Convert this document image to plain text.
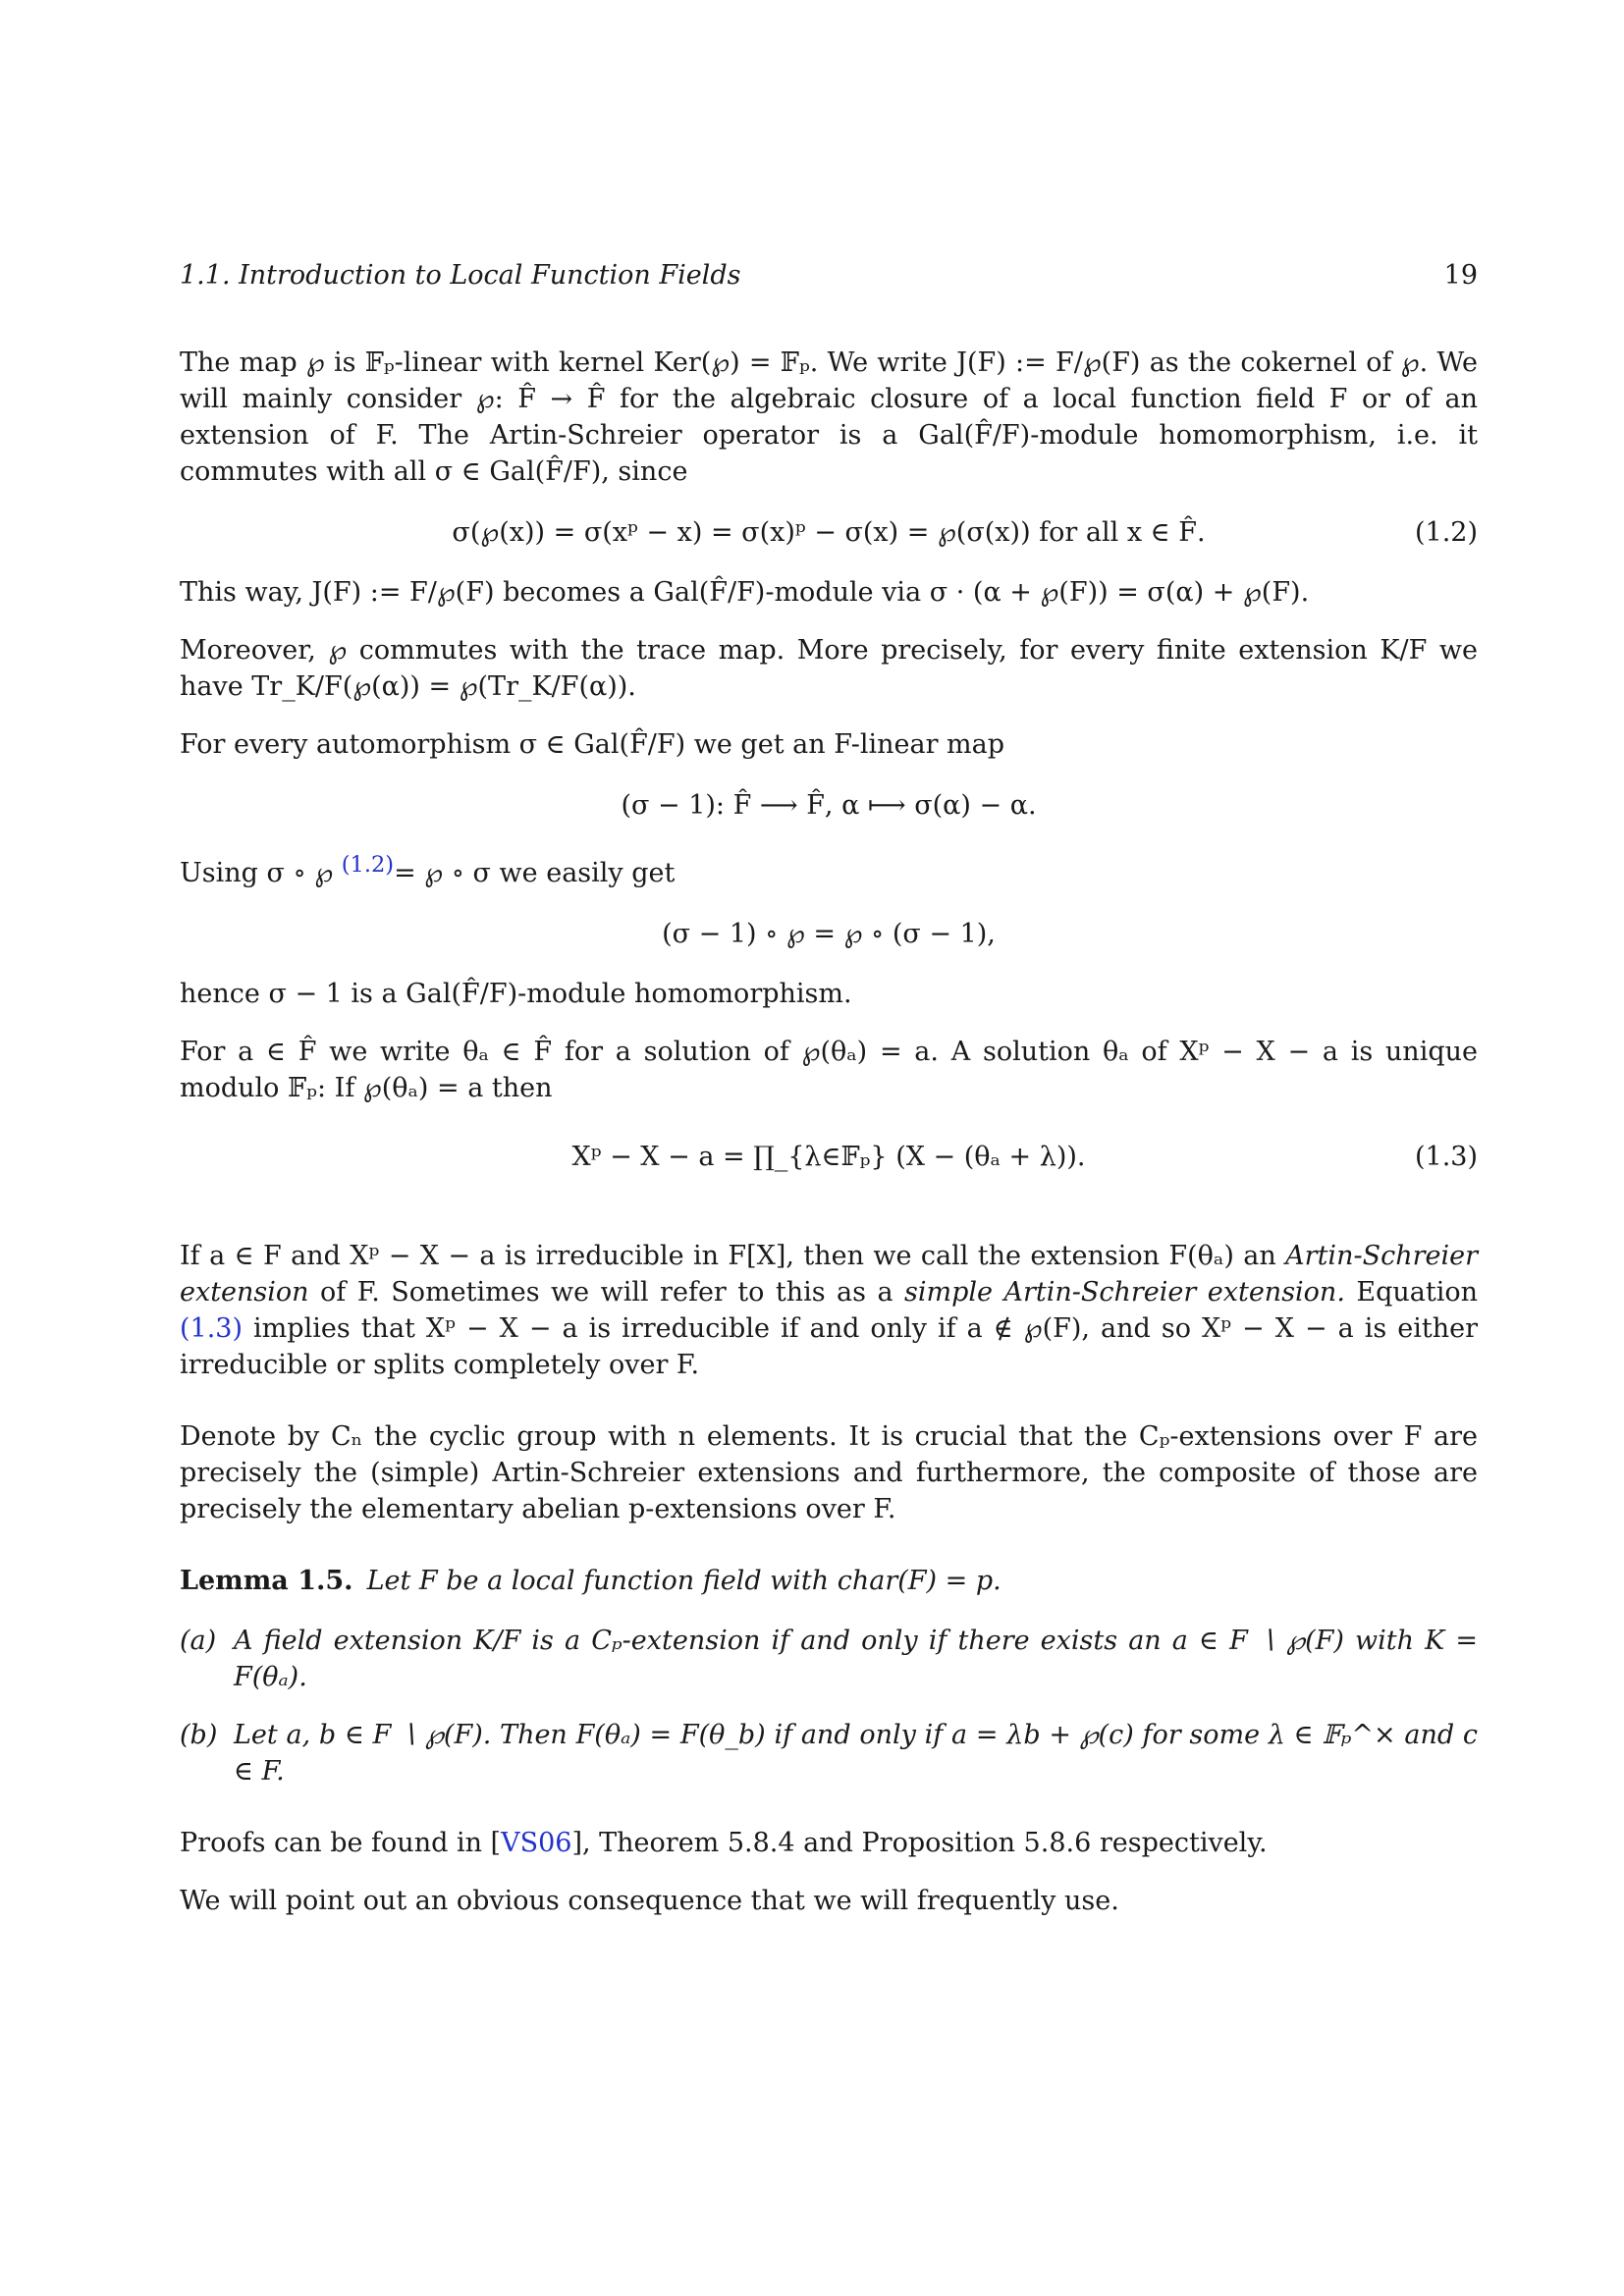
1.1. Introduction to Local Function Fields	19

The map ℘ is 𝔽ₚ-linear with kernel Ker(℘) = 𝔽ₚ. We write J(F) := F/℘(F) as the cokernel of ℘. We will mainly consider ℘: F̂ → F̂ for the algebraic closure of a local function field F or of an extension of F. The Artin-Schreier operator is a Gal(F̂/F)-module homomorphism, i.e. it commutes with all σ ∈ Gal(F̂/F), since

σ(℘(x)) = σ(xᵖ − x) = σ(x)ᵖ − σ(x) = ℘(σ(x)) for all x ∈ F̂.	(1.2)

This way, J(F) := F/℘(F) becomes a Gal(F̂/F)-module via σ · (α + ℘(F)) = σ(α) + ℘(F).

Moreover, ℘ commutes with the trace map. More precisely, for every finite extension K/F we have Tr_K/F(℘(α)) = ℘(Tr_K/F(α)).

For every automorphism σ ∈ Gal(F̂/F) we get an F-linear map

(σ − 1): F̂ ⟶ F̂, α ⟼ σ(α) − α.

Using σ ∘ ℘ $^{(1.2)}$= ℘ ∘ σ we easily get

(σ − 1) ∘ ℘ = ℘ ∘ (σ − 1),

hence σ − 1 is a Gal(F̂/F)-module homomorphism.

For a ∈ F̂ we write θₐ ∈ F̂ for a solution of ℘(θₐ) = a. A solution θₐ of Xᵖ − X − a is unique modulo 𝔽ₚ: If ℘(θₐ) = a then

Xᵖ − X − a = ∏_{λ∈𝔽ₚ} (X − (θₐ + λ)).	(1.3)

If a ∈ F and Xᵖ − X − a is irreducible in F[X], then we call the extension F(θₐ) an Artin-Schreier extension of F. Sometimes we will refer to this as a simple Artin-Schreier extension. Equation (1.3) implies that Xᵖ − X − a is irreducible if and only if a ∉ ℘(F), and so Xᵖ − X − a is either irreducible or splits completely over F.

Denote by Cₙ the cyclic group with n elements. It is crucial that the Cₚ-extensions over F are precisely the (simple) Artin-Schreier extensions and furthermore, the composite of those are precisely the elementary abelian p-extensions over F.

Lemma 1.5. Let F be a local function field with char(F) = p.
(a) A field extension K/F is a Cₚ-extension if and only if there exists an a ∈ F ∖ ℘(F) with K = F(θₐ).
(b) Let a, b ∈ F ∖ ℘(F). Then F(θₐ) = F(θ_b) if and only if a = λb + ℘(c) for some λ ∈ 𝔽ₚ^× and c ∈ F.

Proofs can be found in [VS06], Theorem 5.8.4 and Proposition 5.8.6 respectively.

We will point out an obvious consequence that we will frequently use.
